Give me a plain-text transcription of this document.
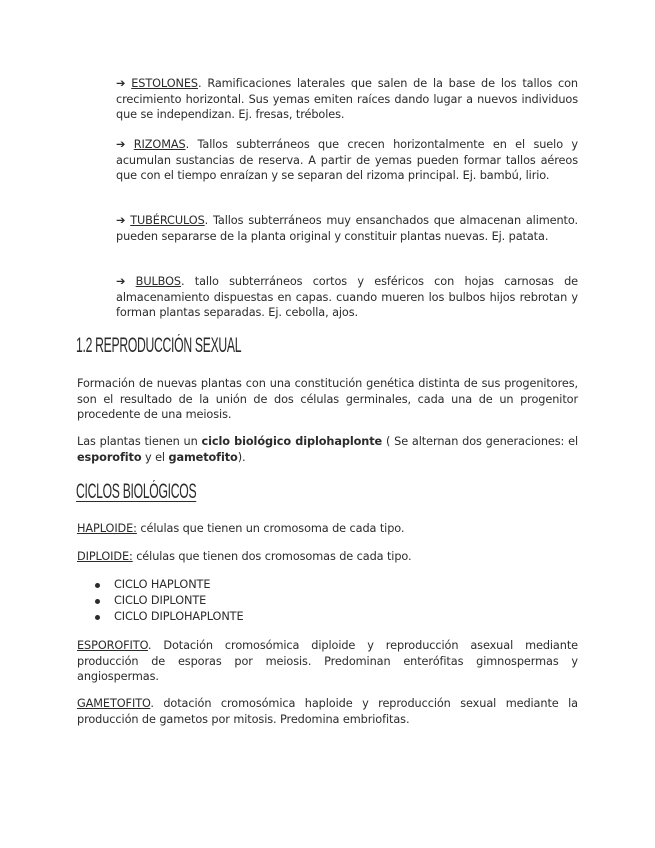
➔ ESTOLONES. Ramificaciones laterales que salen de la base de los tallos con crecimiento horizontal. Sus yemas emiten raíces dando lugar a nuevos individuos que se independizan. Ej. fresas, tréboles.

➔ RIZOMAS. Tallos subterráneos que crecen horizontalmente en el suelo y acumulan sustancias de reserva. A partir de yemas pueden formar tallos aéreos que con el tiempo enraízan y se separan del rizoma principal. Ej. bambú, lirio.

➔ TUBÉRCULOS. Tallos subterráneos muy ensanchados que almacenan alimento. pueden separarse de la planta original y constituir plantas nuevas. Ej. patata.

➔ BULBOS. tallo subterráneos cortos y esféricos con hojas carnosas de almacenamiento dispuestas en capas. cuando mueren los bulbos hijos rebrotan y forman plantas separadas. Ej. cebolla, ajos.

1.2 REPRODUCCIÓN SEXUAL

Formación de nuevas plantas con una constitución genética distinta de sus progenitores, son el resultado de la unión de dos células germinales, cada una de un progenitor procedente de una meiosis.

Las plantas tienen un ciclo biológico diplohaplonte ( Se alternan dos generaciones: el esporofito y el gametofito).

CICLOS BIOLÓGICOS

HAPLOIDE: células que tienen un cromosoma de cada tipo.

DIPLOIDE: células que tienen dos cromosomas de cada tipo.

CICLO HAPLONTE
CICLO DIPLONTE
CICLO DIPLOHAPLONTE

ESPOROFITO. Dotación cromosómica diploide y reproducción asexual mediante producción de esporas por meiosis. Predominan enterófitas gimnospermas y angiospermas.

GAMETOFITO. dotación cromosómica haploide y reproducción sexual mediante la producción de gametos por mitosis. Predomina embriofitas.
